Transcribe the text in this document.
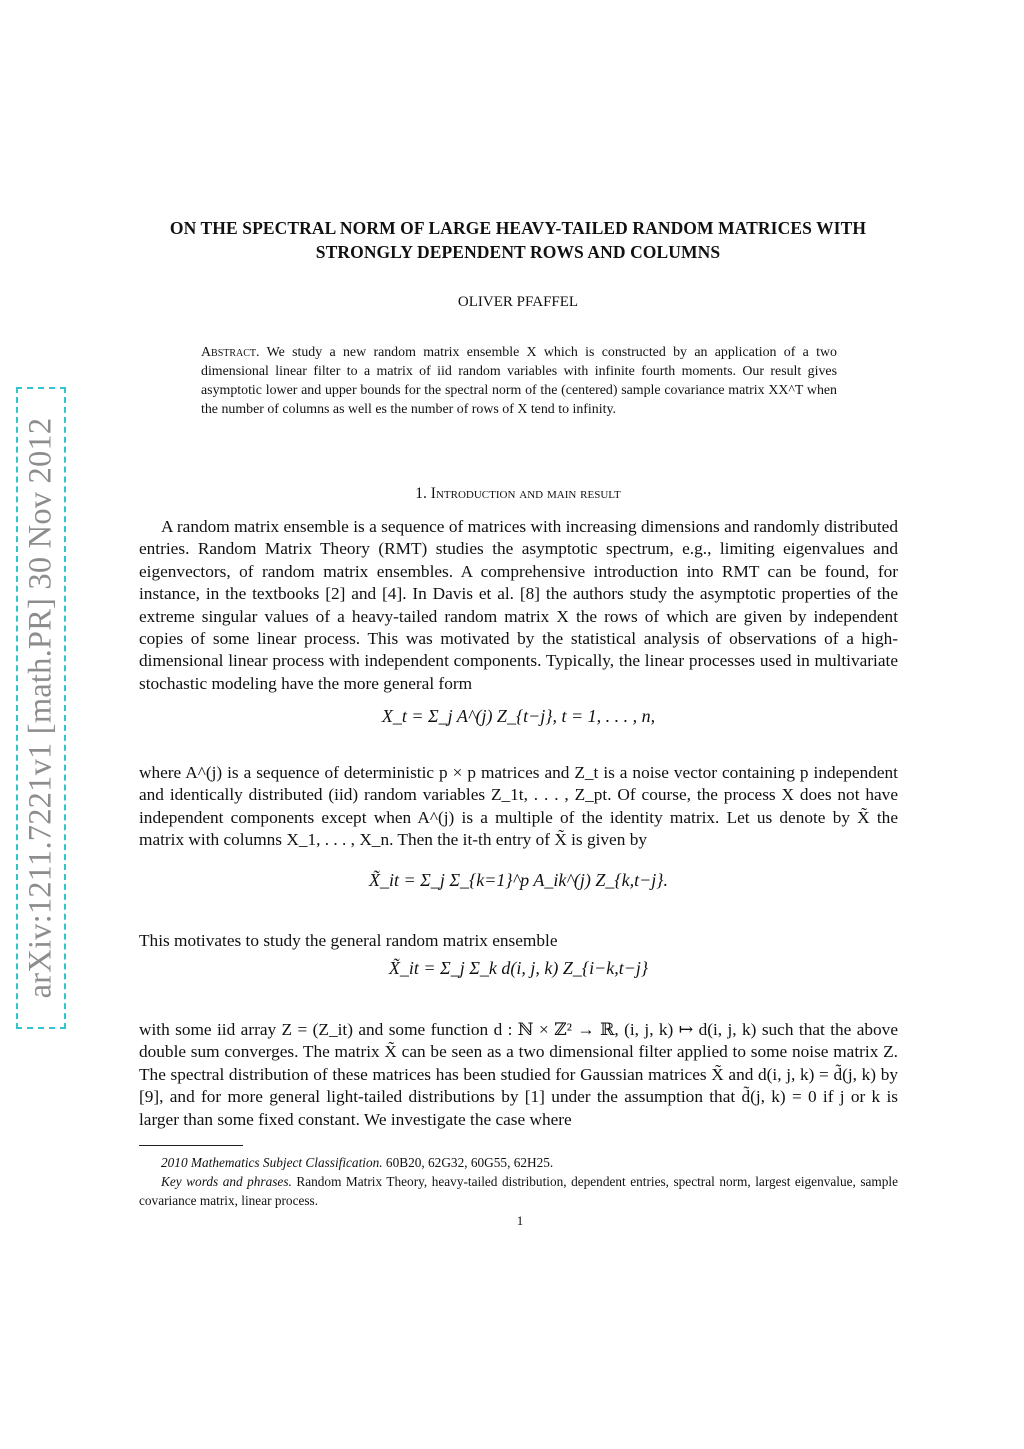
ON THE SPECTRAL NORM OF LARGE HEAVY-TAILED RANDOM MATRICES WITH STRONGLY DEPENDENT ROWS AND COLUMNS
OLIVER PFAFFEL
Abstract. We study a new random matrix ensemble X which is constructed by an application of a two dimensional linear filter to a matrix of iid random variables with infinite fourth moments. Our result gives asymptotic lower and upper bounds for the spectral norm of the (centered) sample covariance matrix XX^T when the number of columns as well es the number of rows of X tend to infinity.
1. Introduction and main result
A random matrix ensemble is a sequence of matrices with increasing dimensions and randomly distributed entries. Random Matrix Theory (RMT) studies the asymptotic spectrum, e.g., limiting eigenvalues and eigenvectors, of random matrix ensembles. A comprehensive introduction into RMT can be found, for instance, in the textbooks [2] and [4]. In Davis et al. [8] the authors study the asymptotic properties of the extreme singular values of a heavy-tailed random matrix X the rows of which are given by independent copies of some linear process. This was motivated by the statistical analysis of observations of a high-dimensional linear process with independent components. Typically, the linear processes used in multivariate stochastic modeling have the more general form
X_t = Σ_j A^(j) Z_{t−j}, t = 1, . . . , n,
where A^(j) is a sequence of deterministic p × p matrices and Z_t is a noise vector containing p independent and identically distributed (iid) random variables Z_1t, . . . , Z_pt. Of course, the process X does not have independent components except when A^(j) is a multiple of the identity matrix. Let us denote by X̃ the matrix with columns X_1, . . . , X_n. Then the it-th entry of X̃ is given by
X̃_it = Σ_j Σ_{k=1}^p A_ik^(j) Z_{k,t−j}.
This motivates to study the general random matrix ensemble
X̃_it = Σ_j Σ_k d(i, j, k) Z_{i−k,t−j}
with some iid array Z = (Z_it) and some function d : ℕ × ℤ² → ℝ, (i, j, k) ↦ d(i, j, k) such that the above double sum converges. The matrix X̃ can be seen as a two dimensional filter applied to some noise matrix Z. The spectral distribution of these matrices has been studied for Gaussian matrices X̃ and d(i, j, k) = d̃(j, k) by [9], and for more general light-tailed distributions by [1] under the assumption that d̃(j, k) = 0 if j or k is larger than some fixed constant. We investigate the case where
2010 Mathematics Subject Classification. 60B20, 62G32, 60G55, 62H25.
Key words and phrases. Random Matrix Theory, heavy-tailed distribution, dependent entries, spectral norm, largest eigenvalue, sample covariance matrix, linear process.
1
arXiv:1211.7221v1 [math.PR] 30 Nov 2012
